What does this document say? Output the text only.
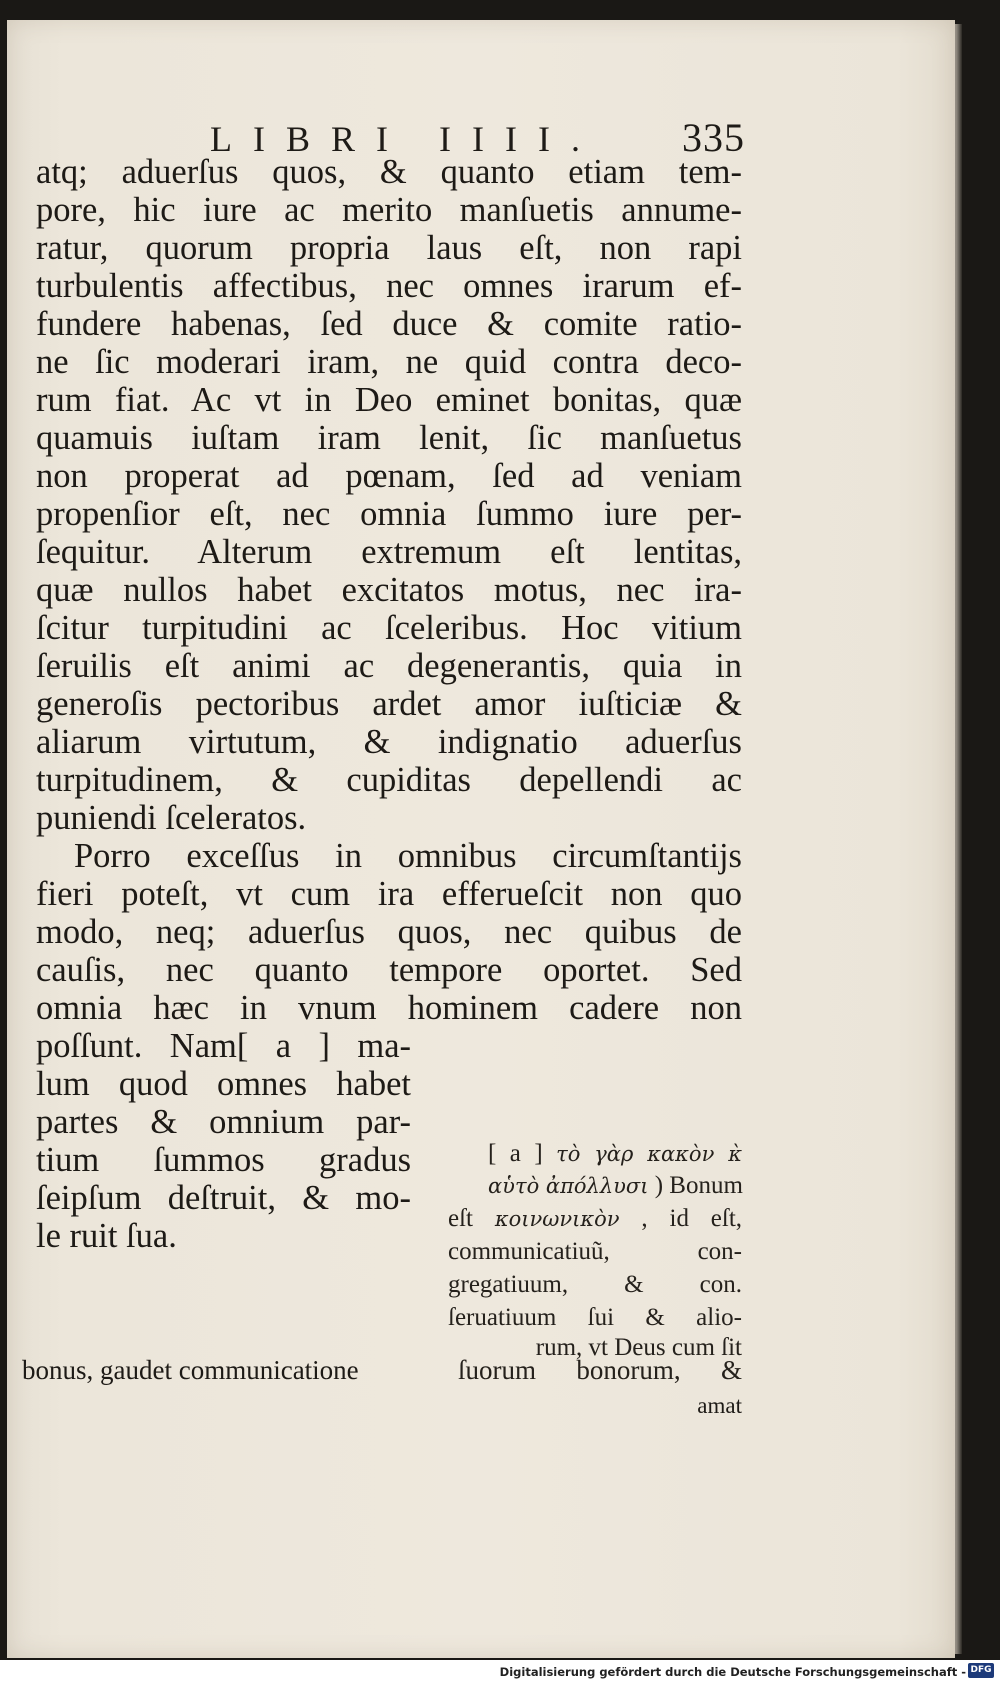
LIBRI IIII. 335
atq; aduerſus quos, & quanto etiam tem-
pore, hic iure ac merito manſuetis annume-
ratur, quorum propria laus eſt, non rapi
turbulentis affectibus, nec omnes irarum ef-
fundere habenas, ſed duce & comite ratio-
ne ſic moderari iram, ne quid contra deco-
rum fiat. Ac vt in Deo eminet bonitas, quæ
quamuis iuſtam iram lenit, ſic manſuetus
non properat ad pœnam, ſed ad veniam
propenſior eſt, nec omnia ſummo iure per-
ſequitur. Alterum extremum eſt lentitas,
quæ nullos habet excitatos motus, nec ira-
ſcitur turpitudini ac ſceleribus. Hoc vitium
ſeruilis eſt animi ac degenerantis, quia in
generoſis pectoribus ardet amor iuſticiæ &
aliarum virtutum, & indignatio aduerſus
turpitudinem, & cupiditas depellendi ac
puniendi ſceleratos.
Porro exceſſus in omnibus circumſtantijs
fieri poteſt, vt cum ira efferueſcit non quo
modo, neq; aduerſus quos, nec quibus de
cauſis, nec quanto tempore oportet. Sed
omnia hæc in vnum hominem cadere non
poſſunt. Nam[ a ] ma-
lum quod omnes habet
partes & omnium par-
tium ſummos gradus
ſeipſum deſtruit, & mo-
le ruit ſua.
[ a ] τὸ γὰρ κακὸν κ̀
αὑτὸ ἀπόλλυσι ) Bonum
eſt κοινωνικὸν , id eſt,
communicatiuũ, con-
gregatiuum, & con.
ſeruatiuum ſui & alio-
rum, vt Deus cum ſit
bonus, gaudet communicatione	ſuorum bonorum, &
amat
Digitalisierung gefördert durch die Deutsche Forschungsgemeinschaft - DFG
